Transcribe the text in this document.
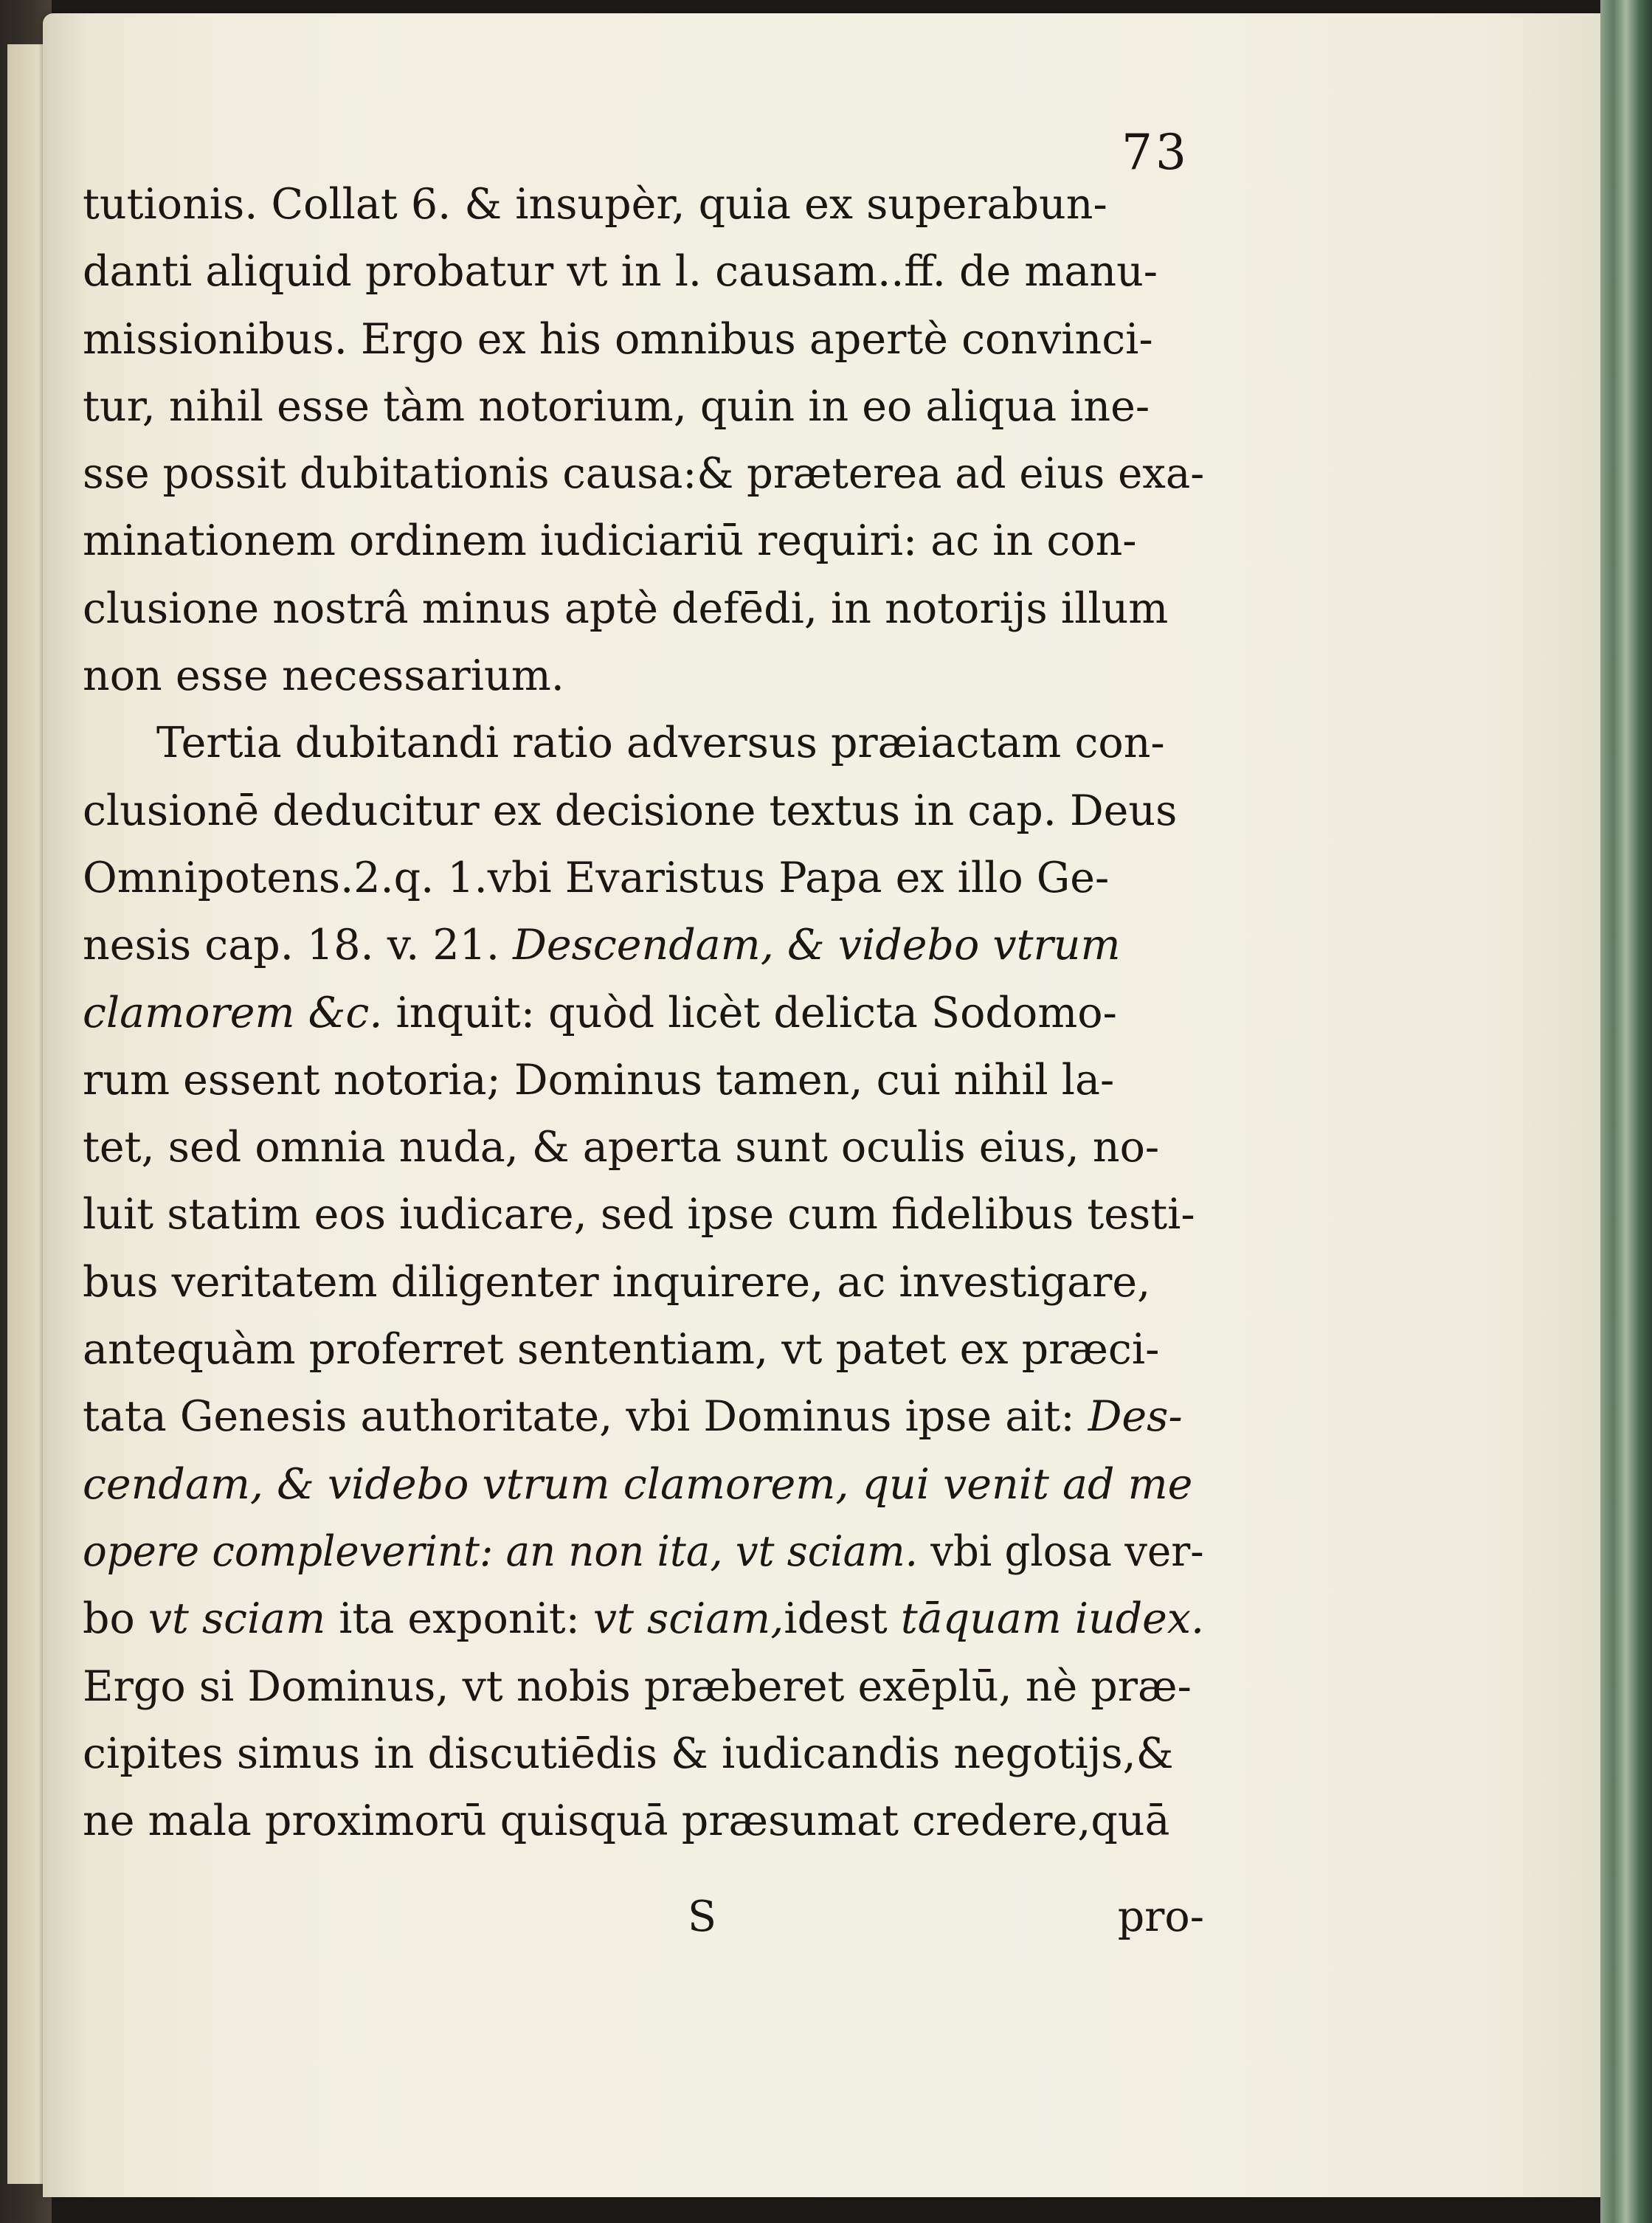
73
tutionis. Collat 6. & insupèr, quia ex superabun-
danti aliquid probatur vt in l. causam..ff. de manu-
missionibus. Ergo ex his omnibus apertè convinci-
tur, nihil esse tàm notorium, quin in eo aliqua ine-
sse possit dubitationis causa:& præterea ad eius exa-
minationem ordinem iudiciariū requiri: ac in con-
clusione nostrâ minus aptè defēdi, in notorijs illum
non esse necessarium.
Tertia dubitandi ratio adversus præiactam con-
clusionē deducitur ex decisione textus in cap. Deus
Omnipotens.2.q. 1.vbi Evaristus Papa ex illo Ge-
nesis cap. 18. v. 21. Descendam, & videbo vtrum
clamorem &c. inquit: quòd licèt delicta Sodomo-
rum essent notoria; Dominus tamen, cui nihil la-
tet, sed omnia nuda, & aperta sunt oculis eius, no-
luit statim eos iudicare, sed ipse cum fidelibus testi-
bus veritatem diligenter inquirere, ac investigare,
antequàm proferret sententiam, vt patet ex præci-
tata Genesis authoritate, vbi Dominus ipse ait: Des-
cendam, & videbo vtrum clamorem, qui venit ad me
opere compleverint: an non ita, vt sciam. vbi glosa ver-
bo vt sciam ita exponit: vt sciam,idest tāquam iudex.
Ergo si Dominus, vt nobis præberet exēplū, nè præ-
cipites simus in discutiēdis & iudicandis negotijs,&
ne mala proximorū quisquā præsumat credere,quā
S	pro-
